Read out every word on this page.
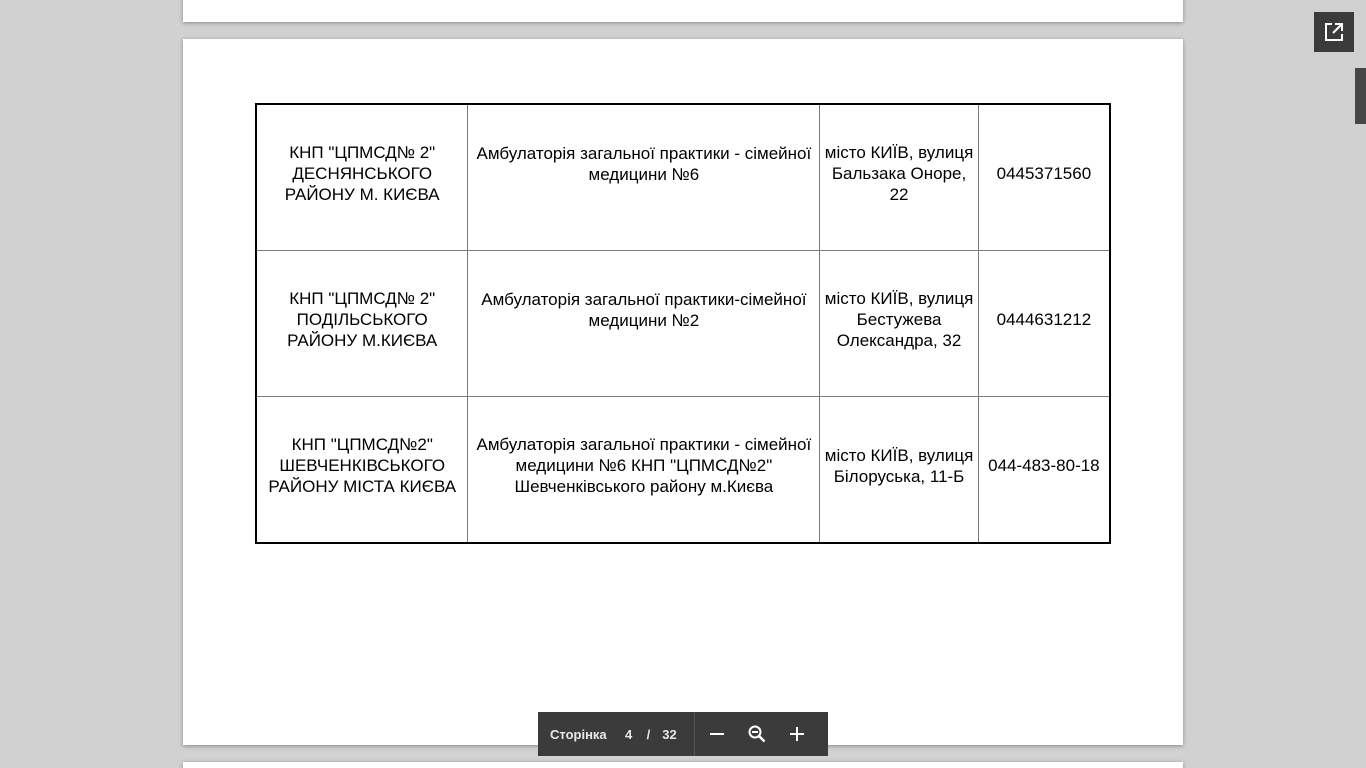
КНП "ЦПМСД№ 2" ДЕСНЯНСЬКОГО РАЙОНУ М. КИЄВА	Амбулаторія загальної практики - сімейної медицини №6	місто КИЇВ, вулиця Бальзака Оноре, 22	0445371560

КНП "ЦПМСД№ 2" ПОДІЛЬСЬКОГО РАЙОНУ М.КИЄВА	Амбулаторія загальної практики-сімейної медицини №2	місто КИЇВ, вулиця Бестужева Олександра, 32	0444631212

КНП "ЦПМСД№2" ШЕВЧЕНКІВСЬКОГО РАЙОНУ МІСТА КИЄВА	Амбулаторія загальної практики - сімейної медицини №6 КНП "ЦПМСД№2" Шевченківського району м.Києва	місто КИЇВ, вулиця Білоруська, 11-Б	044-483-80-18
Сторінка	4	/ 32
